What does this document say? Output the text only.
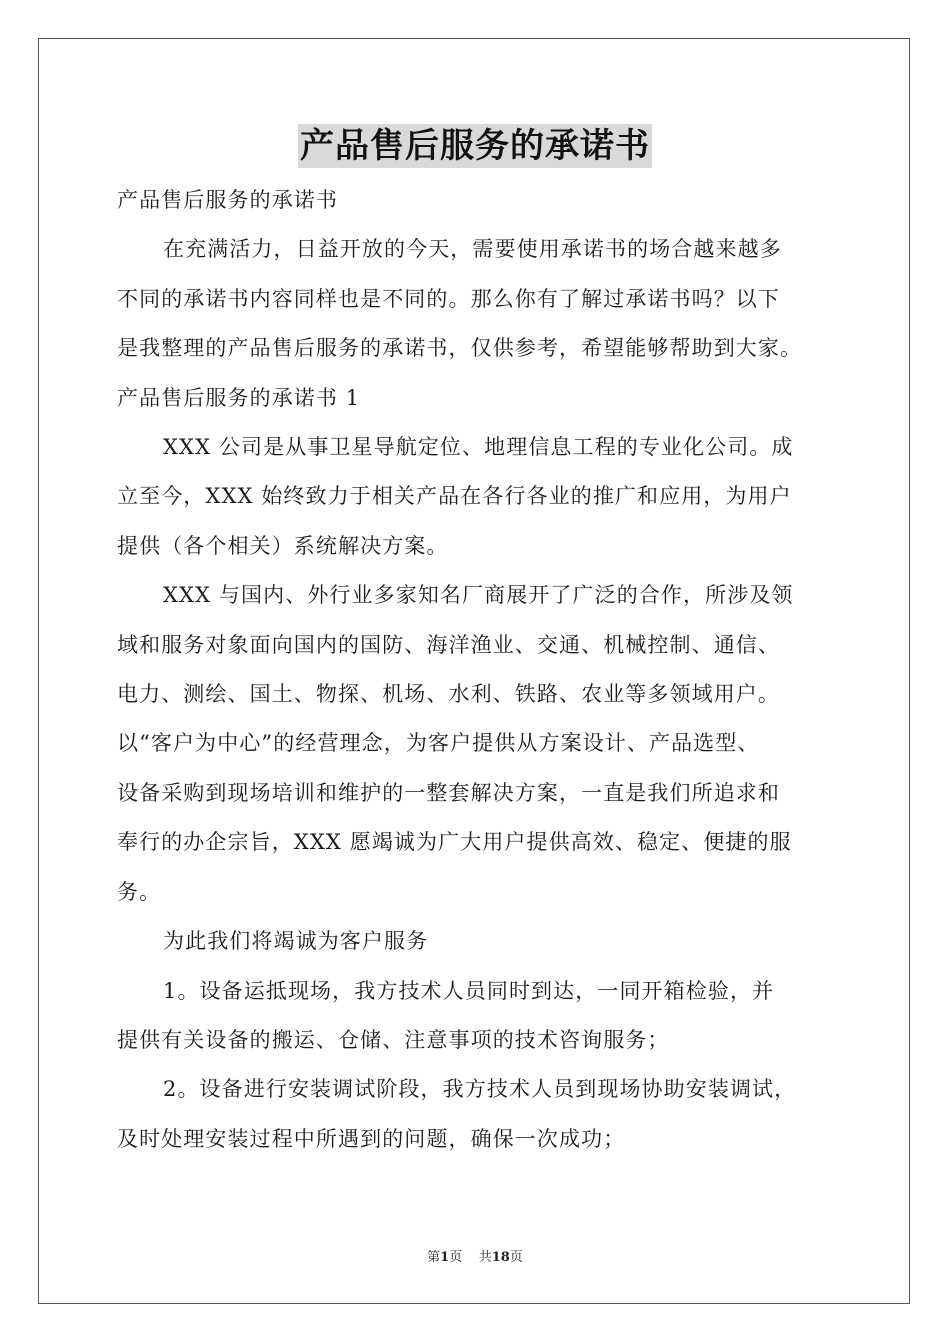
产品售后服务的承诺书

产品售后服务的承诺书

在充满活力，日益开放的今天，需要使用承诺书的场合越来越多

不同的承诺书内容同样也是不同的。那么你有了解过承诺书吗？以下

是我整理的产品售后服务的承诺书，仅供参考，希望能够帮助到大家。

产品售后服务的承诺书 1

XXX 公司是从事卫星导航定位、地理信息工程的专业化公司。成

立至今，XXX 始终致力于相关产品在各行各业的推广和应用，为用户

提供（各个相关）系统解决方案。

XXX 与国内、外行业多家知名厂商展开了广泛的合作，所涉及领

域和服务对象面向国内的国防、海洋渔业、交通、机械控制、通信、

电力、测绘、国土、物探、机场、水利、铁路、农业等多领域用户。

以“客户为中心”的经营理念，为客户提供从方案设计、产品选型、

设备采购到现场培训和维护的一整套解决方案，一直是我们所追求和

奉行的办企宗旨，XXX 愿竭诚为广大用户提供高效、稳定、便捷的服

务。

为此我们将竭诚为客户服务

1。设备运抵现场，我方技术人员同时到达，一同开箱检验，并

提供有关设备的搬运、仓储、注意事项的技术咨询服务；

2。设备进行安装调试阶段，我方技术人员到现场协助安装调试，

及时处理安装过程中所遇到的问题，确保一次成功；

第1页 共18页
